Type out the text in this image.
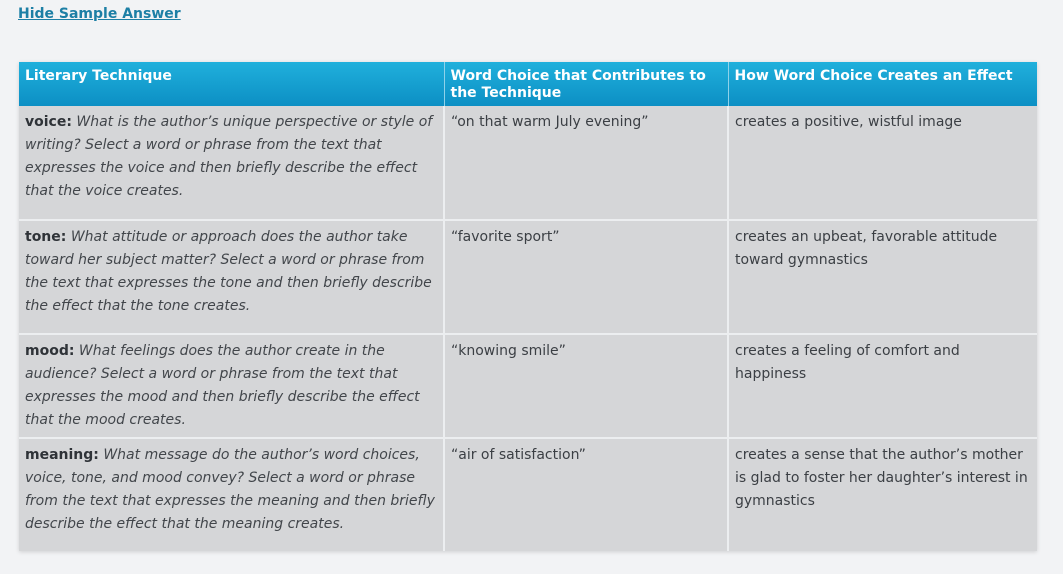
Hide Sample Answer
Literary Technique	Word Choice that Contributes to the Technique	How Word Choice Creates an Effect
voice: What is the author’s unique perspective or style of writing? Select a word or phrase from the text that expresses the voice and then briefly describe the effect that the voice creates.	“on that warm July evening”	creates a positive, wistful image
tone: What attitude or approach does the author take toward her subject matter? Select a word or phrase from the text that expresses the tone and then briefly describe the effect that the tone creates.	“favorite sport”	creates an upbeat, favorable attitude toward gymnastics
mood: What feelings does the author create in the audience? Select a word or phrase from the text that expresses the mood and then briefly describe the effect that the mood creates.	“knowing smile”	creates a feeling of comfort and happiness
meaning: What message do the author’s word choices, voice, tone, and mood convey? Select a word or phrase from the text that expresses the meaning and then briefly describe the effect that the meaning creates.	“air of satisfaction”	creates a sense that the author’s mother is glad to foster her daughter’s interest in gymnastics
